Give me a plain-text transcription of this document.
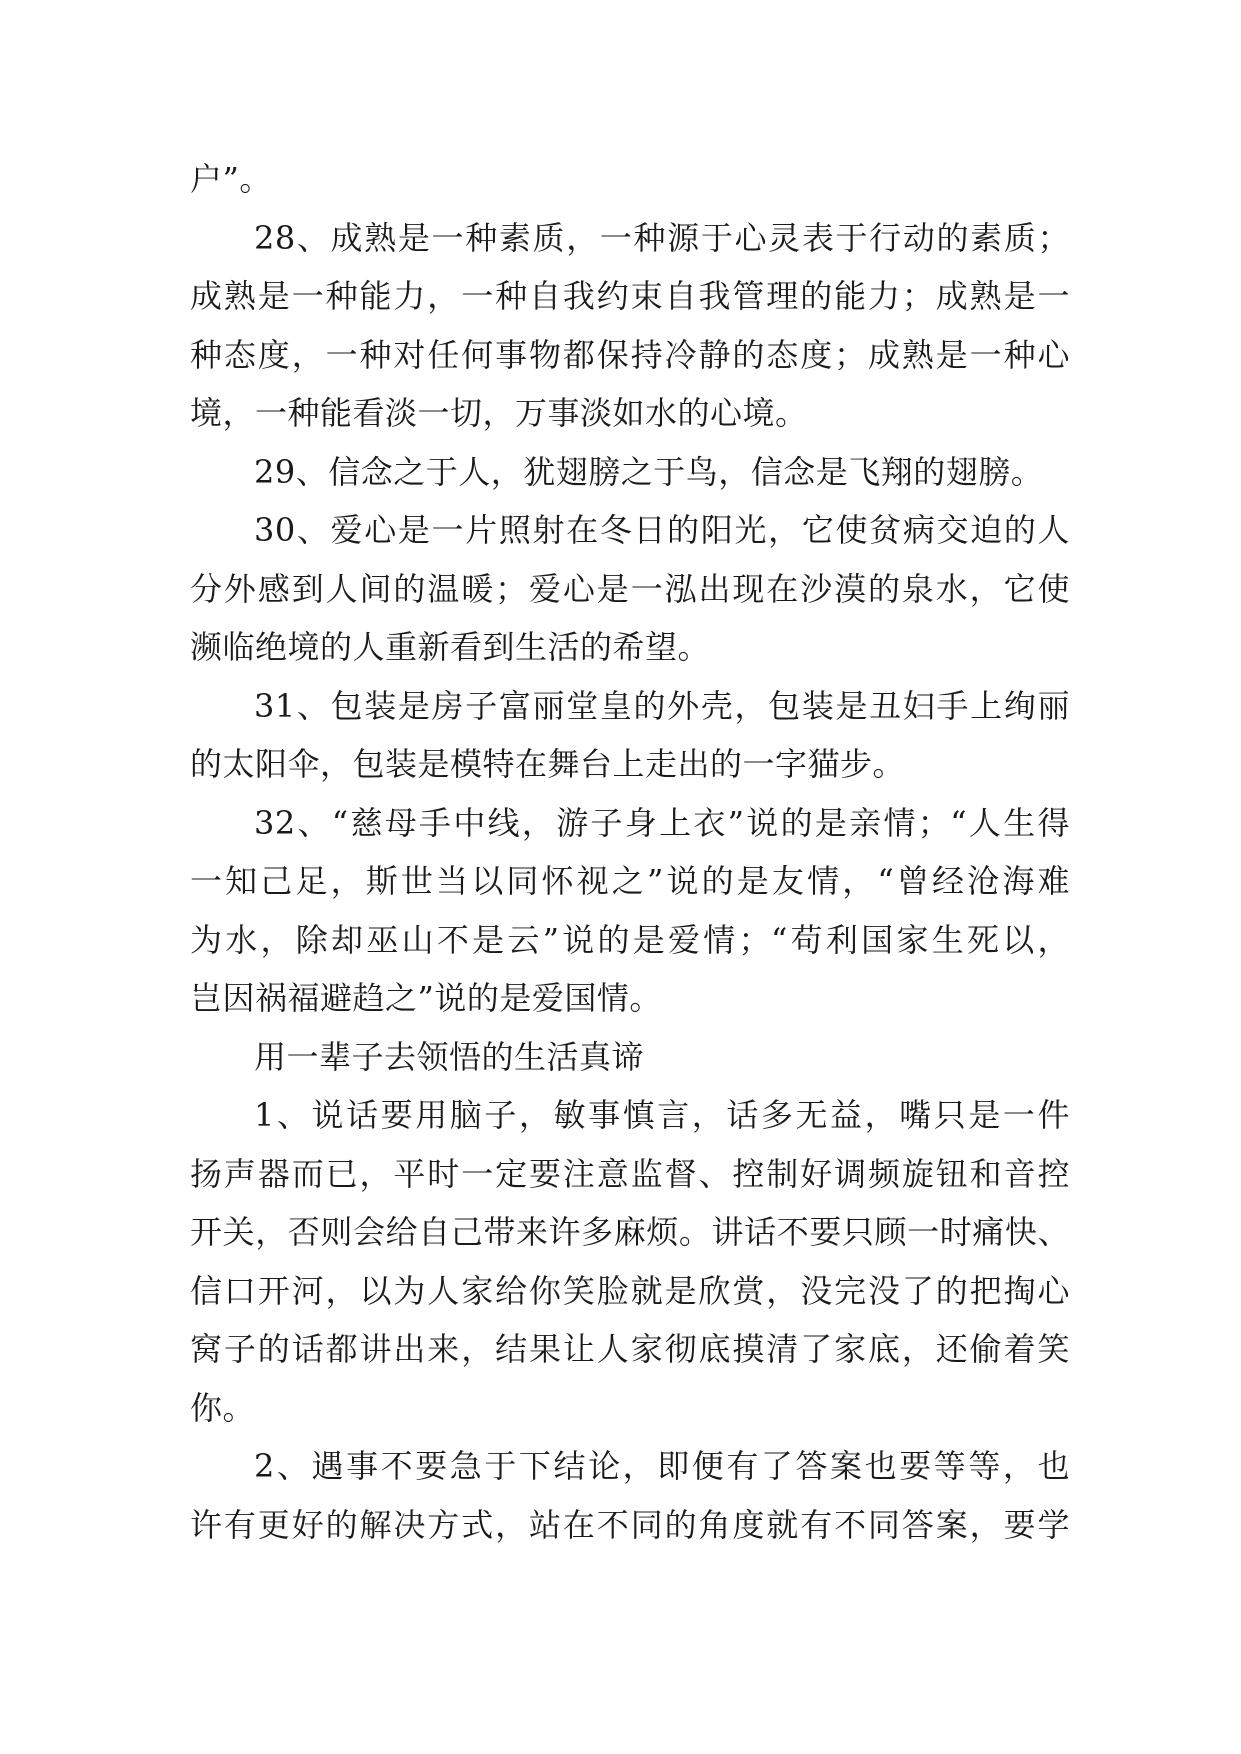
户”。
28、成熟是一种素质，一种源于心灵表于行动的素质；
成熟是一种能力，一种自我约束自我管理的能力；成熟是一
种态度，一种对任何事物都保持冷静的态度；成熟是一种心
境，一种能看淡一切，万事淡如水的心境。
29、信念之于人，犹翅膀之于鸟，信念是飞翔的翅膀。
30、爱心是一片照射在冬日的阳光，它使贫病交迫的人
分外感到人间的温暖；爱心是一泓出现在沙漠的泉水，它使
濒临绝境的人重新看到生活的希望。
31、包装是房子富丽堂皇的外壳，包装是丑妇手上绚丽
的太阳伞，包装是模特在舞台上走出的一字猫步。
32、“慈母手中线，游子身上衣”说的是亲情；“人生得
一知己足，斯世当以同怀视之”说的是友情，“曾经沧海难
为水，除却巫山不是云”说的是爱情；“苟利国家生死以，
岂因祸福避趋之”说的是爱国情。
用一辈子去领悟的生活真谛
1、说话要用脑子，敏事慎言，话多无益，嘴只是一件
扬声器而已，平时一定要注意监督、控制好调频旋钮和音控
开关，否则会给自己带来许多麻烦。讲话不要只顾一时痛快、
信口开河，以为人家给你笑脸就是欣赏，没完没了的把掏心
窝子的话都讲出来，结果让人家彻底摸清了家底，还偷着笑
你。
2、遇事不要急于下结论，即便有了答案也要等等，也
许有更好的解决方式，站在不同的角度就有不同答案，要学
